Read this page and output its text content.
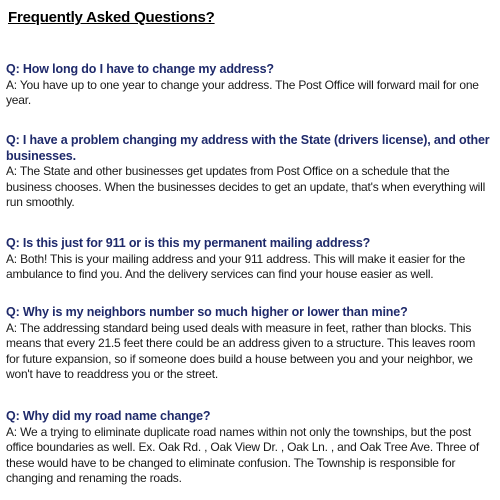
Frequently Asked Questions?

Q: How long do I have to change my address?

A: You have up to one year to change your address. The Post Office will forward mail for one year.

Q: I have a problem changing my address with the State (drivers license), and other businesses.

A: The State and other businesses get updates from Post Office on a schedule that the business chooses. When the businesses decides to get an update, that's when everything will run smoothly.

Q: Is this just for 911 or is this my permanent mailing address?

A: Both! This is your mailing address and your 911 address. This will make it easier for the ambulance to find you. And the delivery services can find your house easier as well.

Q: Why is my neighbors number so much higher or lower than mine?

A: The addressing standard being used deals with measure in feet, rather than blocks. This means that every 21.5 feet there could be an address given to a structure. This leaves room for future expansion, so if someone does build a house between you and your neighbor, we won't have to readdress you or the street.

Q: Why did my road name change?

A: We a trying to eliminate duplicate road names within not only the townships, but the post office boundaries as well. Ex. Oak Rd. , Oak View Dr. , Oak Ln. , and Oak Tree Ave. Three of these would have to be changed to eliminate confusion. The Township is responsible for changing and renaming the roads.
